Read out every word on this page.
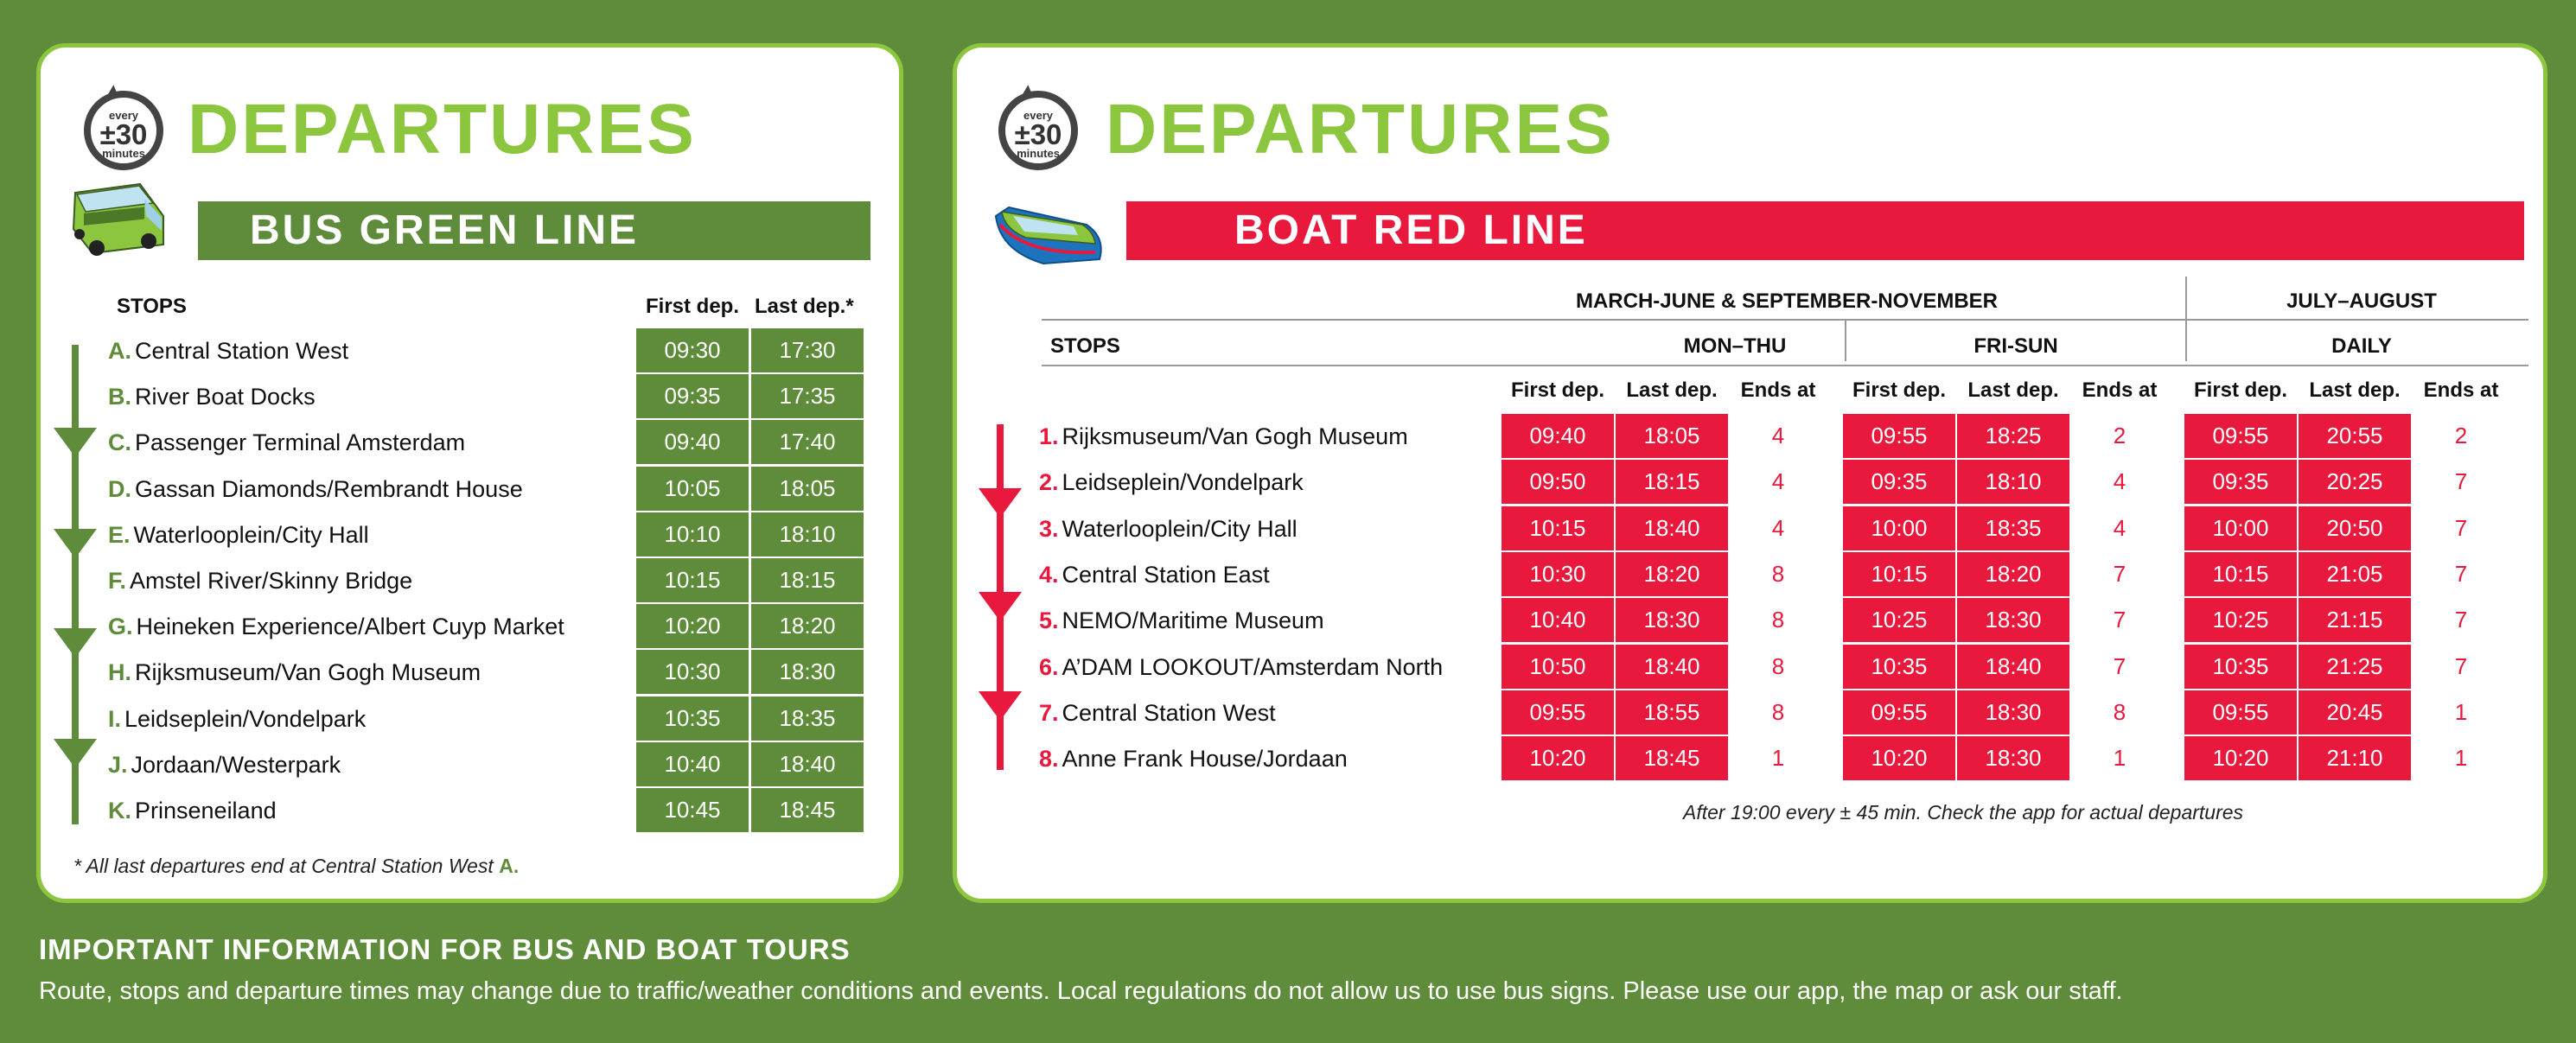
every
±30
minutes DEPARTURES
BUS GREEN LINE
STOPS	First dep. Last dep.*
A. Central Station West	09:30	17:30
B. River Boat Docks	09:35	17:35
C. Passenger Terminal Amsterdam	09:40	17:40
D. Gassan Diamonds/Rembrandt House	10:05	18:05
E. Waterlooplein/City Hall	10:10	18:10
F. Amstel River/Skinny Bridge	10:15	18:15
G. Heineken Experience/Albert Cuyp Market	10:20	18:20
H. Rijksmuseum/Van Gogh Museum	10:30	18:30
I. Leidseplein/Vondelpark	10:35	18:35
J. Jordaan/Westerpark	10:40	18:40
K. Prinseneiland	10:45	18:45
* All last departures end at Central Station West A.
every
±30
minutes DEPARTURES
BOAT RED LINE
MARCH-JUNE & SEPTEMBER-NOVEMBER	JULY–AUGUST
STOPS	MON–THU	FRI-SUN	DAILY
First dep.	Last dep.	Ends at	First dep.	Last dep.	Ends at	First dep.	Last dep.	Ends at
1. Rijksmuseum/Van Gogh Museum	09:40	18:05	4	09:55	18:25	2	09:55	20:55	2
2. Leidseplein/Vondelpark	09:50	18:15	4	09:35	18:10	4	09:35	20:25	7
3. Waterlooplein/City Hall	10:15	18:40	4	10:00	18:35	4	10:00	20:50	7
4. Central Station East	10:30	18:20	8	10:15	18:20	7	10:15	21:05	7
5. NEMO/Maritime Museum	10:40	18:30	8	10:25	18:30	7	10:25	21:15	7
6. A’DAM LOOKOUT/Amsterdam North	10:50	18:40	8	10:35	18:40	7	10:35	21:25	7
7. Central Station West	09:55	18:55	8	09:55	18:30	8	09:55	20:45	1
8. Anne Frank House/Jordaan	10:20	18:45	1	10:20	18:30	1	10:20	21:10	1
After 19:00 every ± 45 min. Check the app for actual departures
IMPORTANT INFORMATION FOR BUS AND BOAT TOURS
Route, stops and departure times may change due to traffic/weather conditions and events. Local regulations do not allow us to use bus signs. Please use our app, the map or ask our staff.
